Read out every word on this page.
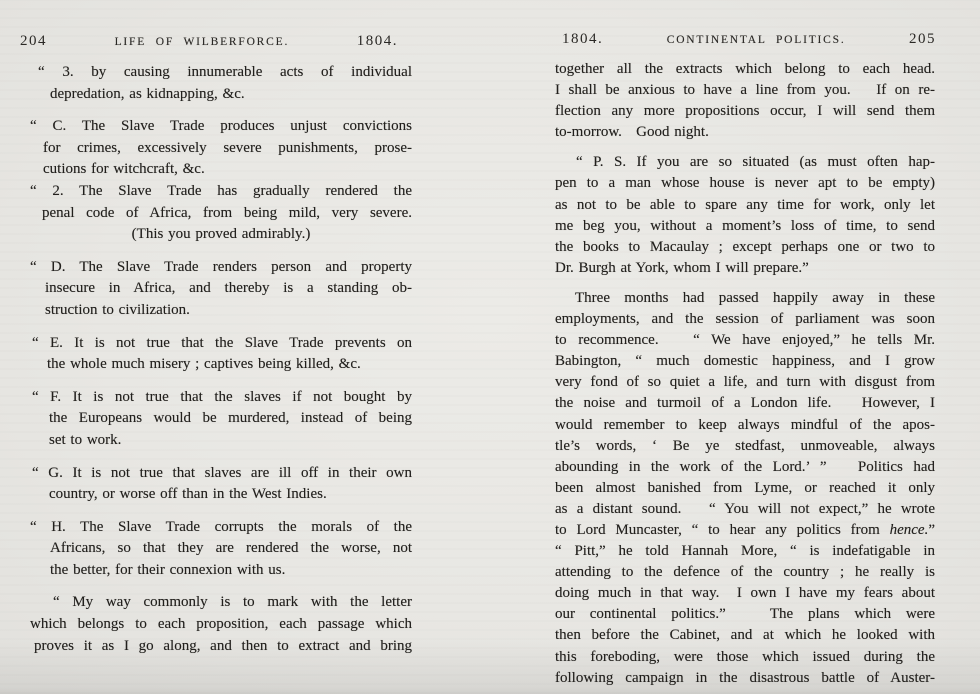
204	LIFE OF WILBERFORCE.	1804.
“ 3. by causing innumerable acts of individual
depredation, as kidnapping, &c.
“ C. The Slave Trade produces unjust convictions
for crimes, excessively severe punishments, prose-
cutions for witchcraft, &c.
“ 2. The Slave Trade has gradually rendered the
penal code of Africa, from being mild, very severe.
(This you proved admirably.)
“ D. The Slave Trade renders person and property
insecure in Africa, and thereby is a standing ob-
struction to civilization.
“ E. It is not true that the Slave Trade prevents on
the whole much misery ; captives being killed, &c.
“ F. It is not true that the slaves if not bought by
the Europeans would be murdered, instead of being
set to work.
“ G. It is not true that slaves are ill off in their own
country, or worse off than in the West Indies.
“ H. The Slave Trade corrupts the morals of the
Africans, so that they are rendered the worse, not
the better, for their connexion with us.
“ My way commonly is to mark with the letter
which belongs to each proposition, each passage which
proves it as I go along, and then to extract and bring
1804.	CONTINENTAL POLITICS.	205
together all the extracts which belong to each head.
I shall be anxious to have a line from you.   If on re-
flection any more propositions occur, I will send them
to-morrow.   Good night.
“ P. S. If you are so situated (as must often hap-
pen to a man whose house is never apt to be empty)
as not to be able to spare any time for work, only let
me beg you, without a moment’s loss of time, to send
the books to Macaulay ; except perhaps one or two to
Dr. Burgh at York, whom I will prepare.”
Three months had passed happily away in these
employments, and the session of parliament was soon
to recommence.   “ We have enjoyed,” he tells Mr.
Babington, “ much domestic happiness, and I grow
very fond of so quiet a life, and turn with disgust from
the noise and turmoil of a London life.   However, I
would remember to keep always mindful of the apos-
tle’s words, ‘ Be ye stedfast, unmoveable, always
abounding in the work of the Lord.’ ”   Politics had
been almost banished from Lyme, or reached it only
as a distant sound.   “ You will not expect,” he wrote
to Lord Muncaster, “ to hear any politics from hence.”
“ Pitt,” he told Hannah More, “ is indefatigable in
attending to the defence of the country ; he really is
doing much in that way.  I own I have my fears about
our continental politics.”   The plans which were
then before the Cabinet, and at which he looked with
this foreboding, were those which issued during the
following campaign in the disastrous battle of Auster-
